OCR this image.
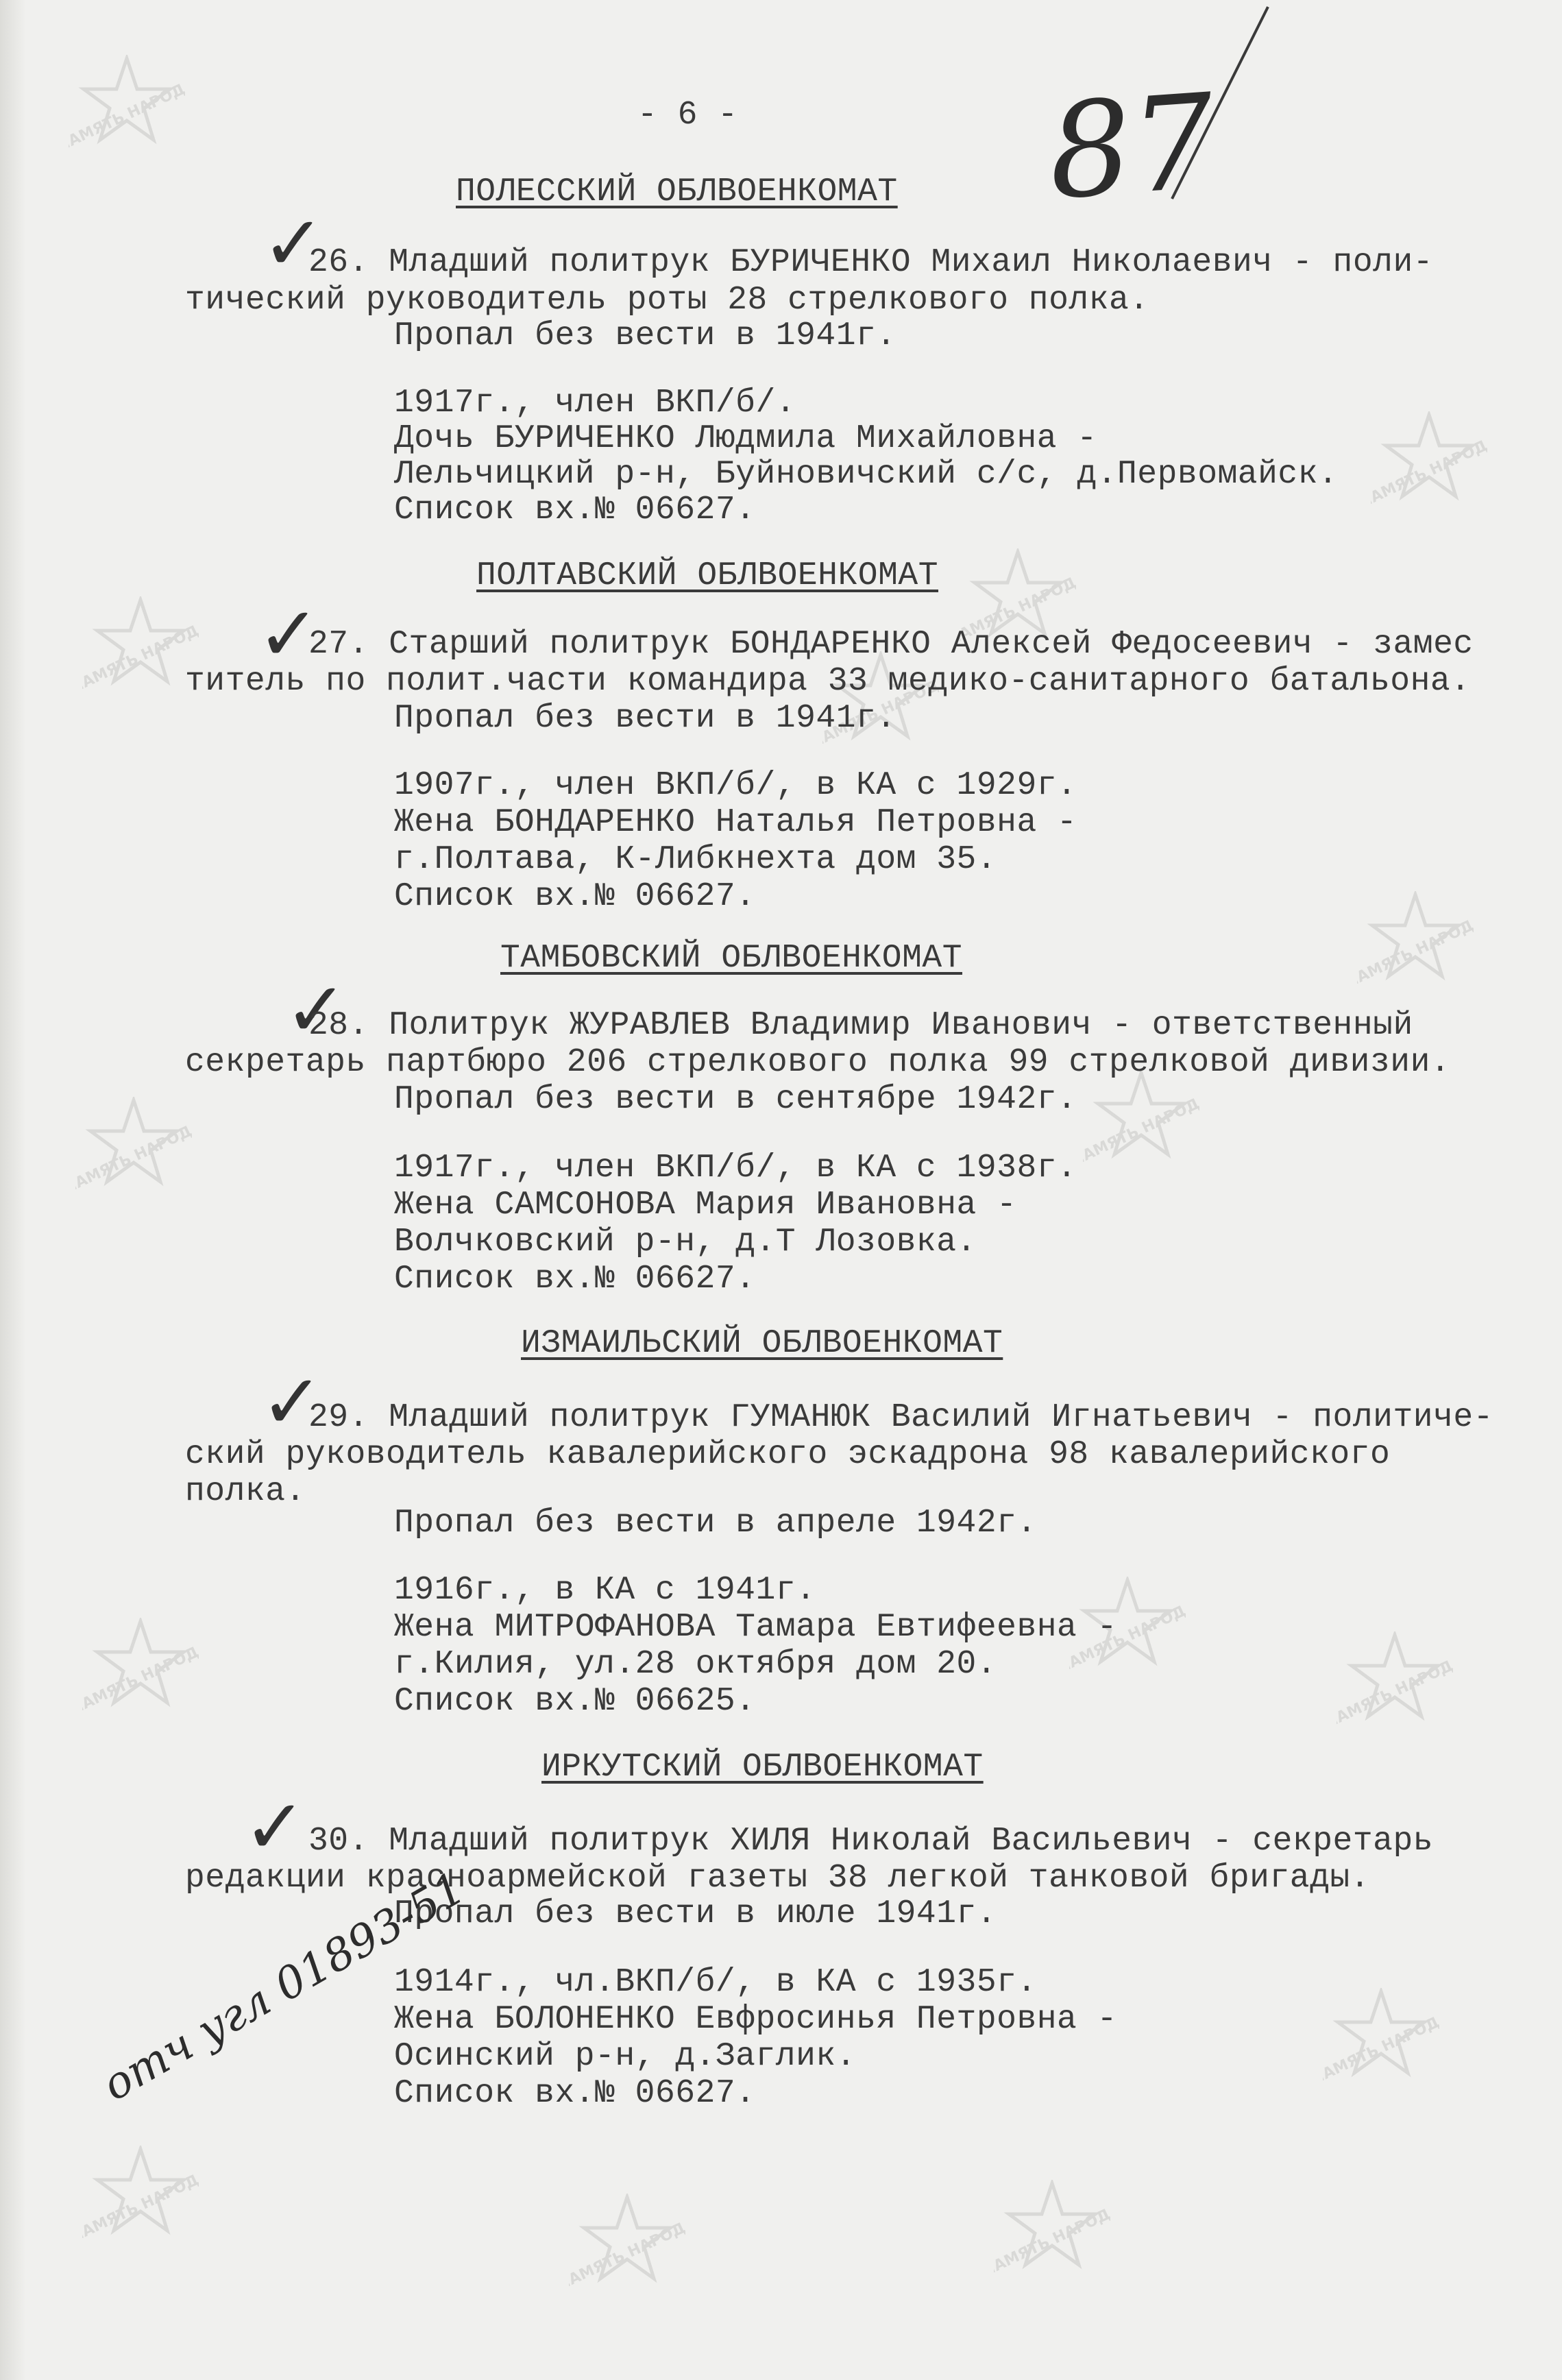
ПАМЯТЬ НАРОДА
ПАМЯТЬ НАРОДА
ПАМЯТЬ НАРОДА
ПАМЯТЬ НАРОДА
ПАМЯТЬ НАРОДА
ПАМЯТЬ НАРОДА
ПАМЯТЬ НАРОДА
ПАМЯТЬ НАРОДА
ПАМЯТЬ НАРОДА
ПАМЯТЬ НАРОДА
ПАМЯТЬ НАРОДА
ПАМЯТЬ НАРОДА
ПАМЯТЬ НАРОДА
ПАМЯТЬ НАРОДА
ПАМЯТЬ НАРОДА
- 6 - 87
ПОЛЕССКИЙ ОБЛВОЕНКОМАТ
✓
26. Младший политрук БУРИЧЕНКО Михаил Николаевич - поли-
тический руководитель роты 28 стрелкового полка.
Пропал без вести в 1941г.
1917г., член ВКП/б/.
Дочь БУРИЧЕНКО Людмила Михайловна -
Лельчицкий р-н, Буйновичский с/с, д.Первомайск.
Список вх.№ 06627.
ПОЛТАВСКИЙ ОБЛВОЕНКОМАТ
✓
27. Старший политрук БОНДАРЕНКО Алексей Федосеевич - замес
титель по полит.части командира 33 медико-санитарного батальона.
Пропал без вести в 1941г.
1907г., член ВКП/б/, в КА с 1929г.
Жена БОНДАРЕНКО Наталья Петровна -
г.Полтава, К-Либкнехта дом 35.
Список вх.№ 06627.
ТАМБОВСКИЙ ОБЛВОЕНКОМАТ
✓
28. Политрук ЖУРАВЛЕВ Владимир Иванович - ответственный
секретарь партбюро 206 стрелкового полка 99 стрелковой дивизии.
Пропал без вести в сентябре 1942г.
1917г., член ВКП/б/, в КА с 1938г.
Жена САМСОНОВА Мария Ивановна -
Волчковский р-н, д.Т Лозовка.
Список вх.№ 06627.
ИЗМАИЛЬСКИЙ ОБЛВОЕНКОМАТ
✓
29. Младший политрук ГУМАНЮК Василий Игнатьевич - политиче-
ский руководитель кавалерийского эскадрона 98 кавалерийского
полка.
Пропал без вести в апреле 1942г.
1916г., в КА с 1941г.
Жена МИТРОФАНОВА Тамара Евтифеевна -
г.Килия, ул.28 октября дом 20.
Список вх.№ 06625.
ИРКУТСКИЙ ОБЛВОЕНКОМАТ
✓ 30. Младший политрук ХИЛЯ Николай Васильевич - секретарь
редакции красноармейской газеты 38 легкой танковой бригады.
Пропал без вести в июле 1941г.
1914г., чл.ВКП/б/, в КА с 1935г.
Жена БОЛОНЕНКО Евфросинья Петровна -
Осинский р-н, д.Заглик.
Список вх.№ 06627.
отч угл 01893-51
